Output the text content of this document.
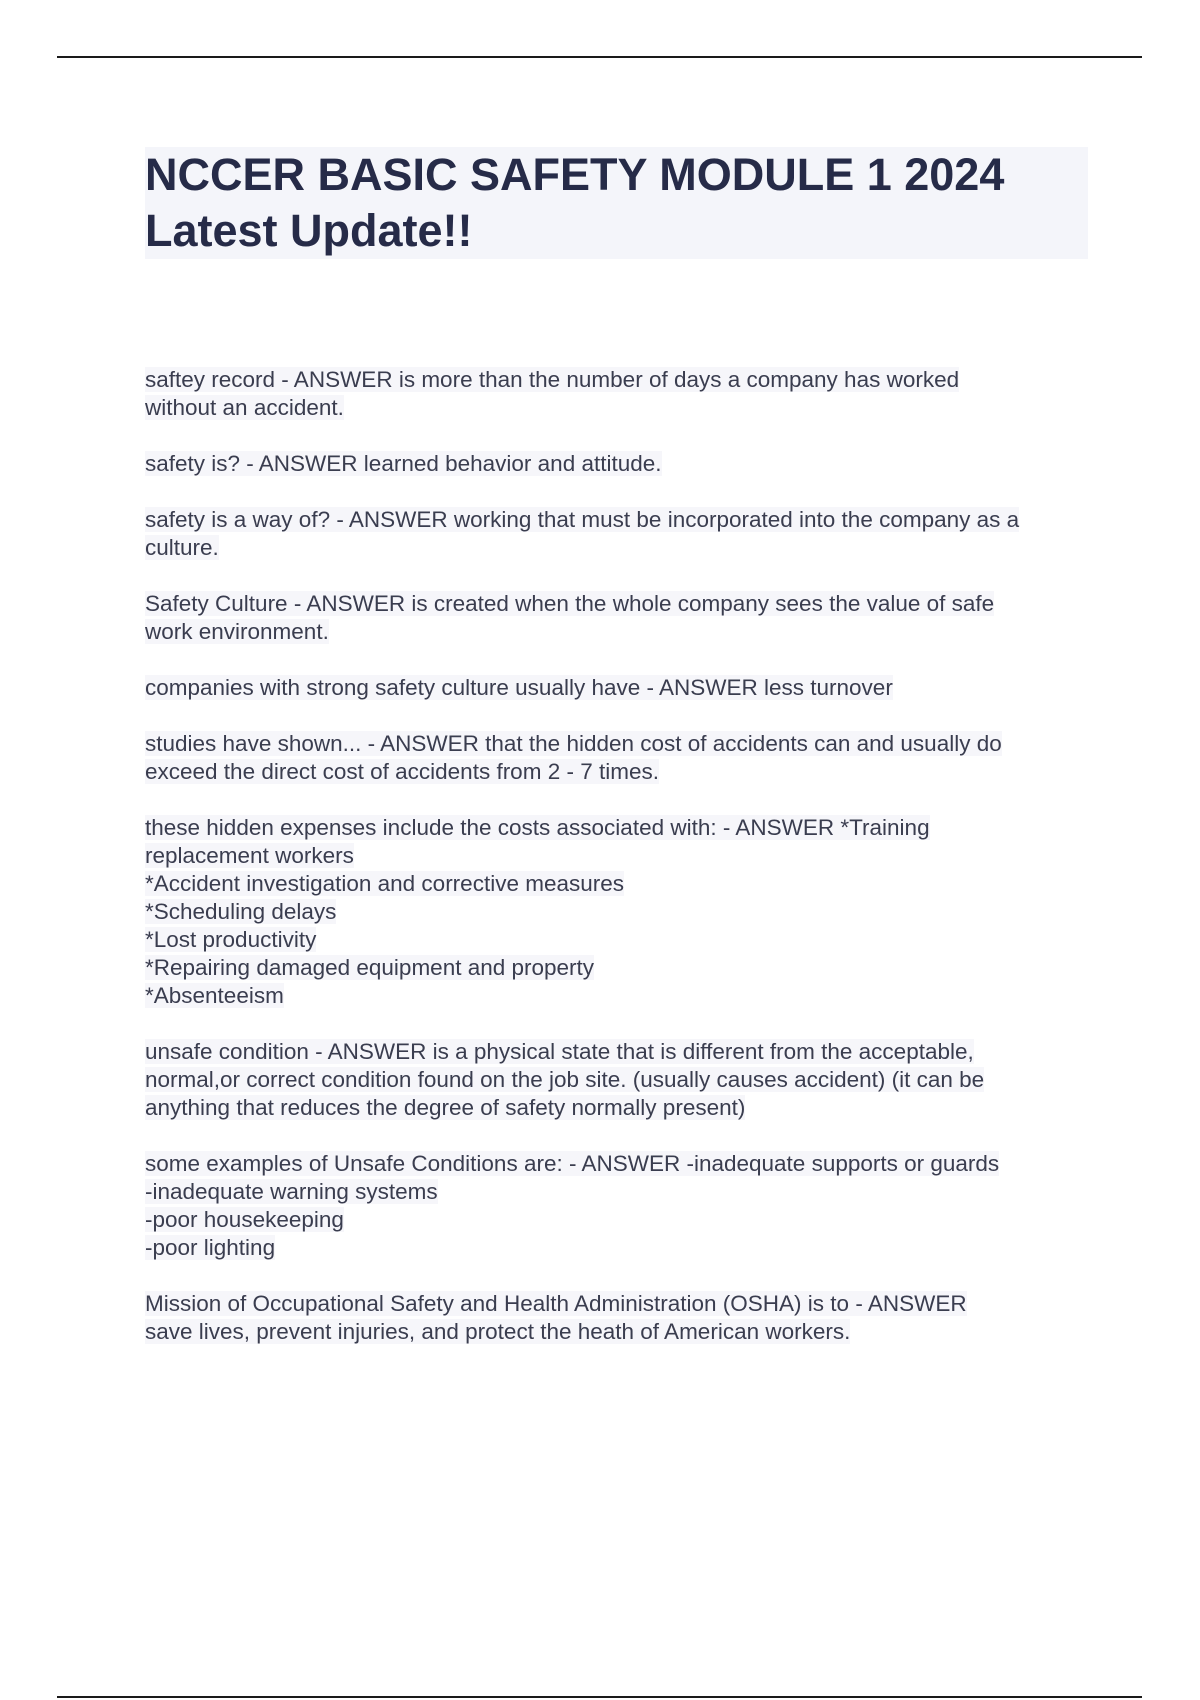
NCCER BASIC SAFETY MODULE 1 2024
Latest Update!!

saftey record - ANSWER is more than the number of days a company has worked
without an accident.

safety is? - ANSWER learned behavior and attitude.

safety is a way of? - ANSWER working that must be incorporated into the company as a
culture.

Safety Culture - ANSWER is created when the whole company sees the value of safe
work environment.

companies with strong safety culture usually have - ANSWER less turnover

studies have shown... - ANSWER that the hidden cost of accidents can and usually do
exceed the direct cost of accidents from 2 - 7 times.

these hidden expenses include the costs associated with: - ANSWER *Training
replacement workers
*Accident investigation and corrective measures
*Scheduling delays
*Lost productivity
*Repairing damaged equipment and property
*Absenteeism

unsafe condition - ANSWER is a physical state that is different from the acceptable,
normal,or correct condition found on the job site. (usually causes accident) (it can be
anything that reduces the degree of safety normally present)

some examples of Unsafe Conditions are: - ANSWER -inadequate supports or guards
-inadequate warning systems
-poor housekeeping
-poor lighting

Mission of Occupational Safety and Health Administration (OSHA) is to - ANSWER
save lives, prevent injuries, and protect the heath of American workers.
